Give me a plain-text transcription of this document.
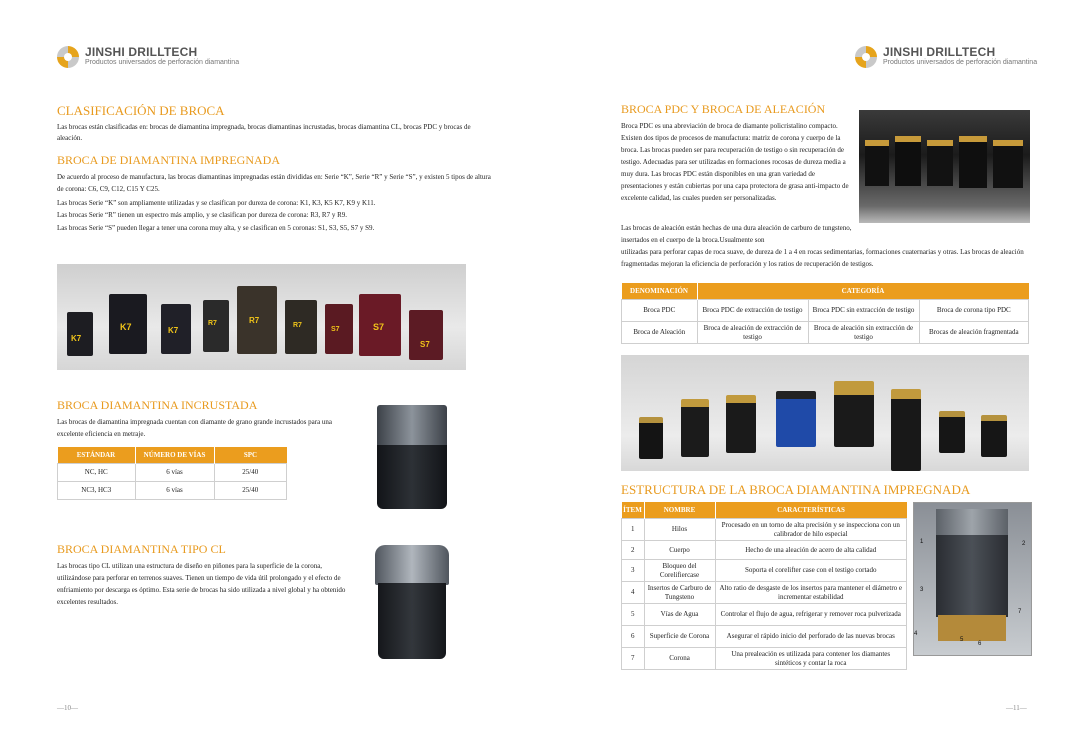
JINSHI DRILLTECH
Productos universados de perforación diamantina
JINSHI DRILLTECH
Productos universados de perforación diamantina
CLASIFICACIÓN DE BROCA
Las brocas están clasificadas en: brocas de diamantina impregnada, brocas diamantinas incrustadas, brocas diamantina CL, brocas PDC y brocas de aleación.
BROCA DE DIAMANTINA IMPREGNADA
De acuerdo al proceso de manufactura, las brocas diamantinas impregnadas están divididas en: Serie “K”, Serie “R” y Serie “S”, y existen 5 tipos de altura de corona: C6, C9, C12, C15 Y C25.
Las brocas Serie “K” son ampliamente utilizadas y se clasifican por dureza de corona: K1, K3, K5 K7, K9 y K11.
Las brocas Serie “R” tienen un espectro más amplio, y se clasifican por dureza de corona: R3, R7 y R9.
Las brocas Serie “S” pueden llegar a tener una corona muy alta, y se clasifican en 5 coronas: S1, S3, S5, S7 y S9.
K7
K7	K7
R7	R7
R7
S7	S7
S7
BROCA DIAMANTINA INCRUSTADA
Las brocas de diamantina impregnada cuentan con diamante de grano grande incrustados para una excelente eficiencia en metraje.
ESTÁNDAR	NÚMERO DE VÍAS	SPC
NC, HC	6 vías	25/40
NC3, HC3	6 vías	25/40
BROCA DIAMANTINA TIPO CL
Las brocas tipo CL utilizan una estructura de diseño en piñones para la superficie de la corona, utilizándose para perforar en terrenos suaves. Tienen un tiempo de vida útil prolongado y el efecto de enfriamiento por descarga es óptimo. Esta serie de brocas ha sido utilizada a nivel global y ha obtenido excelentes resultados.
—10—
BROCA PDC Y BROCA DE ALEACIÓN
Broca PDC es una abreviación de broca de diamante policristalino compacto. Existen dos tipos de procesos de manufactura: matriz de corona y cuerpo de la broca. Las brocas pueden ser para recuperación de testigo o sin recuperación de testigo. Adecuadas para ser utilizadas en formaciones rocosas de dureza media a muy dura. Las brocas PDC están disponibles en una gran variedad de presentaciones y están cubiertas por una capa protectora de grasa anti-impacto de excelente calidad, las cuales pueden ser personalizadas.
Las brocas de aleación están hechas de una dura aleación de carburo de tungsteno, insertados en el cuerpo de la broca.Usualmente son
utilizadas para perforar capas de roca suave, de dureza de 1 a 4 en rocas sedimentarias, formaciones cuaternarias y otras. Las brocas de aleación fragmentadas mejoran la eficiencia de perforación y los ratios de recuperación de testigos.
DENOMINACIÓN	CATEGORÍA		
Broca PDC	Broca PDC de extracción de testigo	Broca PDC sin extracción de testigo	Broca de corona tipo PDC
Broca de Aleación	Broca de aleación de extracción de testigo	Broca de aleación sin extracción de testigo	Brocas de aleación fragmentada
ESTRUCTURA DE LA BROCA DIAMANTINA IMPREGNADA
ÍTEM	NOMBRE	CARACTERÍSTICAS
1	Hilos	Procesado en un torno de alta precisión y se inspecciona con un calibrador de hilo especial
2	Cuerpo	Hecho de una aleación de acero de alta calidad
3	Bloqueo del Corelifiercase	Soporta el corelifter case con el testigo cortado
4	Insertos de Carburo de Tungsteno	Alto ratio de desgaste de los insertos para mantener el diámetro e incrementar estabilidad
5	Vías de Agua	Controlar el flujo de agua, refrigerar y remover roca pulverizada
6	Superficie de Corona	Asegurar el rápido inicio del perforado de las nuevas brocas
7	Corona	Una prealeación es utilizada para contener los diamantes sintéticos y contar la roca
1	2
3
4
5
6
7
—11—
